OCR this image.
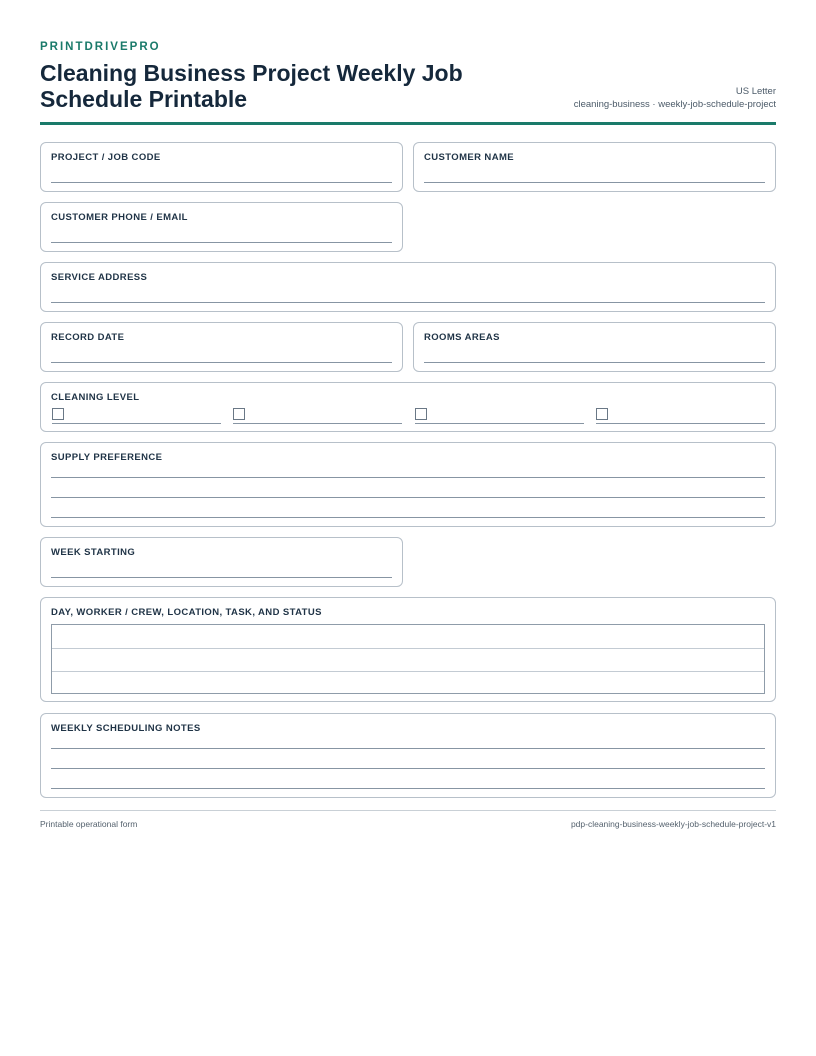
PRINTDRIVEPRO
Cleaning Business Project Weekly Job Schedule Printable	US Letter
cleaning-business · weekly-job-schedule-project
PROJECT / JOB CODE	CUSTOMER NAME
CUSTOMER PHONE / EMAIL
SERVICE ADDRESS
RECORD DATE	ROOMS AREAS
CLEANING LEVEL
SUPPLY PREFERENCE
WEEK STARTING
DAY, WORKER / CREW, LOCATION, TASK, AND STATUS
WEEKLY SCHEDULING NOTES
Printable operational form	pdp-cleaning-business-weekly-job-schedule-project-v1
